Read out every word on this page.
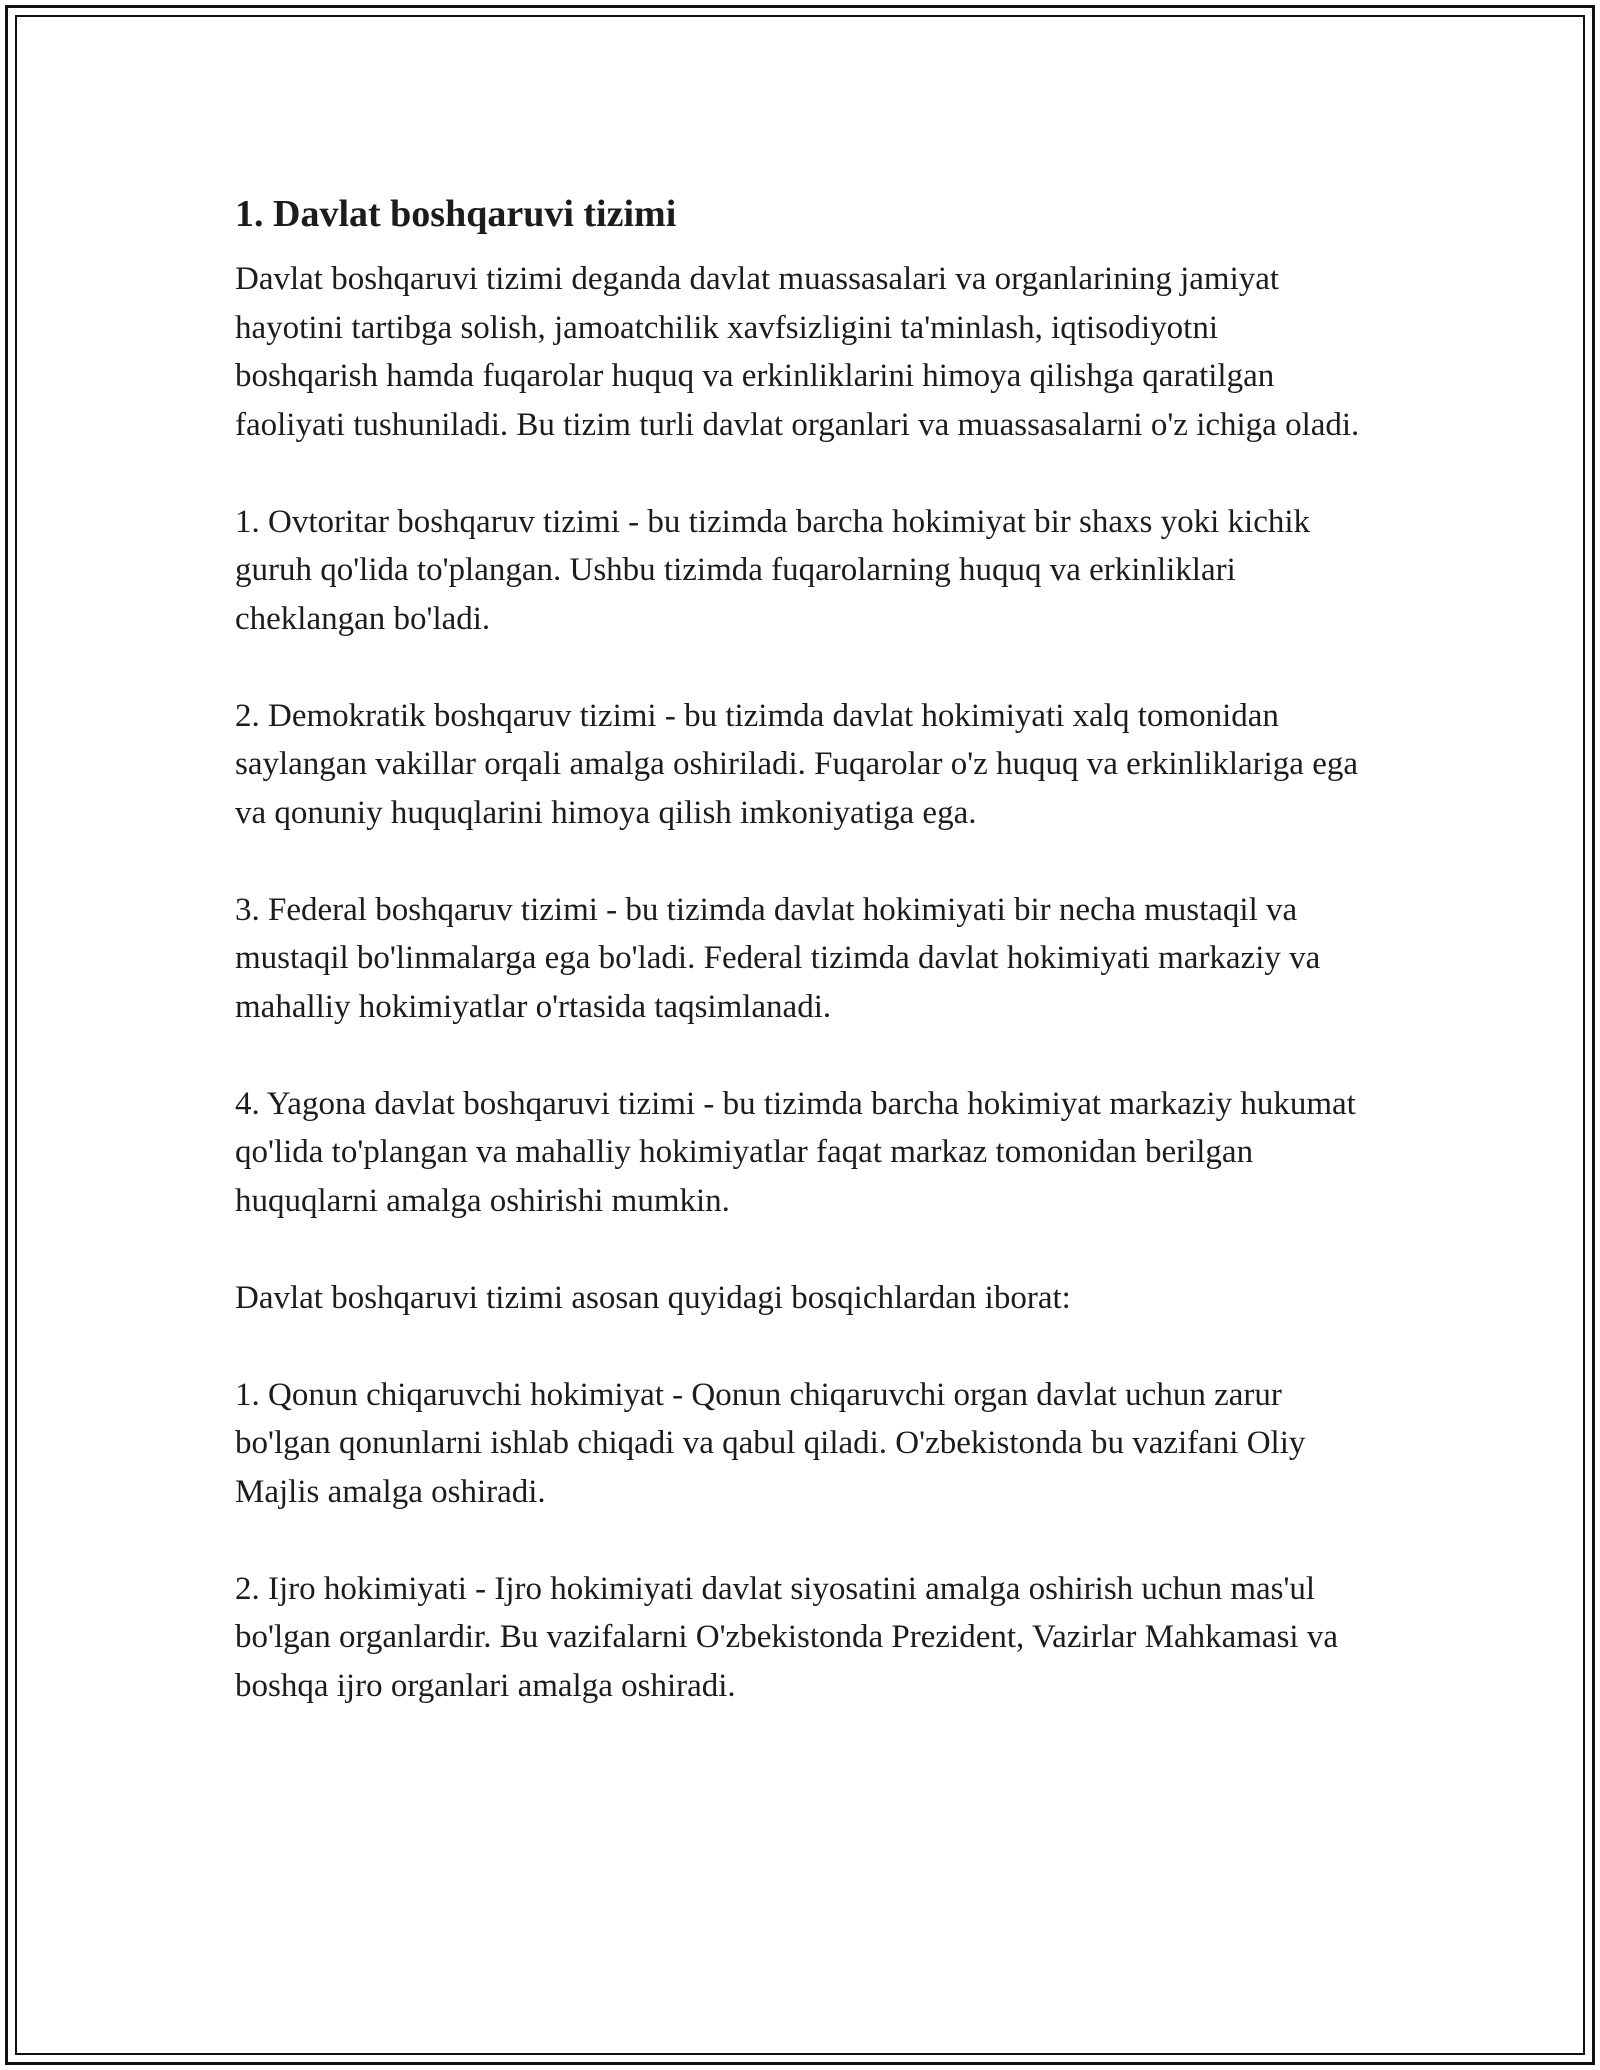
1. Davlat boshqaruvi tizimi

Davlat boshqaruvi tizimi deganda davlat muassasalari va organlarining jamiyat hayotini tartibga solish, jamoatchilik xavfsizligini ta'minlash, iqtisodiyotni boshqarish hamda fuqarolar huquq va erkinliklarini himoya qilishga qaratilgan faoliyati tushuniladi. Bu tizim turli davlat organlari va muassasalarni o'z ichiga oladi.

1. Ovtoritar boshqaruv tizimi - bu tizimda barcha hokimiyat bir shaxs yoki kichik guruh qo'lida to'plangan. Ushbu tizimda fuqarolarning huquq va erkinliklari cheklangan bo'ladi.

2. Demokratik boshqaruv tizimi - bu tizimda davlat hokimiyati xalq tomonidan saylangan vakillar orqali amalga oshiriladi. Fuqarolar o'z huquq va erkinliklariga ega va qonuniy huquqlarini himoya qilish imkoniyatiga ega.

3. Federal boshqaruv tizimi - bu tizimda davlat hokimiyati bir necha mustaqil va mustaqil bo'linmalarga ega bo'ladi. Federal tizimda davlat hokimiyati markaziy va mahalliy hokimiyatlar o'rtasida taqsimlanadi.

4. Yagona davlat boshqaruvi tizimi - bu tizimda barcha hokimiyat markaziy hukumat qo'lida to'plangan va mahalliy hokimiyatlar faqat markaz tomonidan berilgan huquqlarni amalga oshirishi mumkin.

Davlat boshqaruvi tizimi asosan quyidagi bosqichlardan iborat:

1. Qonun chiqaruvchi hokimiyat - Qonun chiqaruvchi organ davlat uchun zarur bo'lgan qonunlarni ishlab chiqadi va qabul qiladi. O'zbekistonda bu vazifani Oliy Majlis amalga oshiradi.

2. Ijro hokimiyati - Ijro hokimiyati davlat siyosatini amalga oshirish uchun mas'ul bo'lgan organlardir. Bu vazifalarni O'zbekistonda Prezident, Vazirlar Mahkamasi va boshqa ijro organlari amalga oshiradi.
